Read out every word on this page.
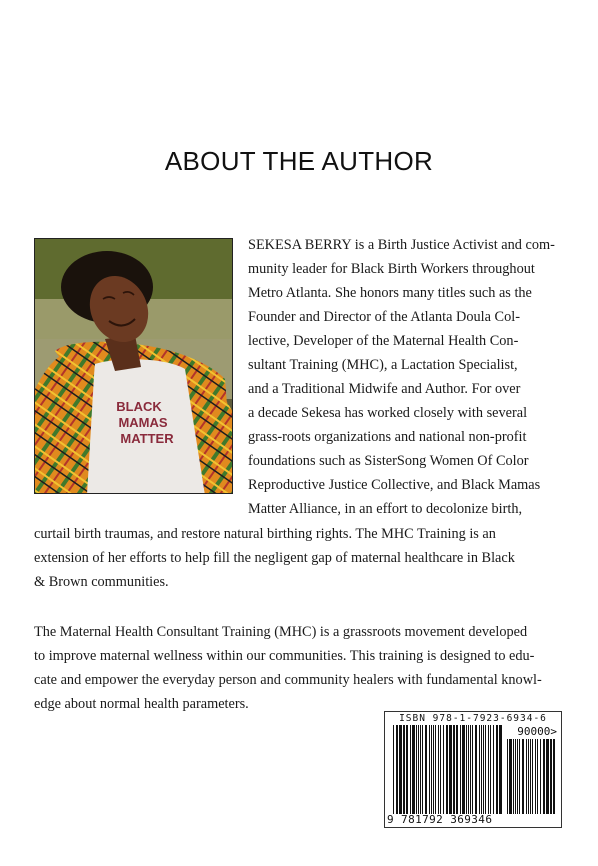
ABOUT THE AUTHOR
BLACK
MAMAS
MATTER
SEKESA BERRY is a Birth Justice Activist and com-
munity leader for Black Birth Workers throughout
Metro Atlanta. She honors many titles such as the
Founder and Director of the Atlanta Doula Col-
lective, Developer of the Maternal Health Con-
sultant Training (MHC), a Lactation Specialist,
and a Traditional Midwife and Author. For over
a decade Sekesa has worked closely with several
grass-roots organizations and national non-profit
foundations such as SisterSong Women Of Color
Reproductive Justice Collective, and Black Mamas
Matter Alliance, in an effort to decolonize birth,
curtail birth traumas, and restore natural birthing rights. The MHC Training is an
extension of her efforts to help fill the negligent gap of maternal healthcare in Black
& Brown communities.
The Maternal Health Consultant Training (MHC) is a grassroots movement developed
to improve maternal wellness within our communities. This training is designed to edu-
cate and empower the everyday person and community healers with fundamental knowl-
edge about normal health parameters.
ISBN 978-1-7923-6934-6
90000>
9 781792 369346
